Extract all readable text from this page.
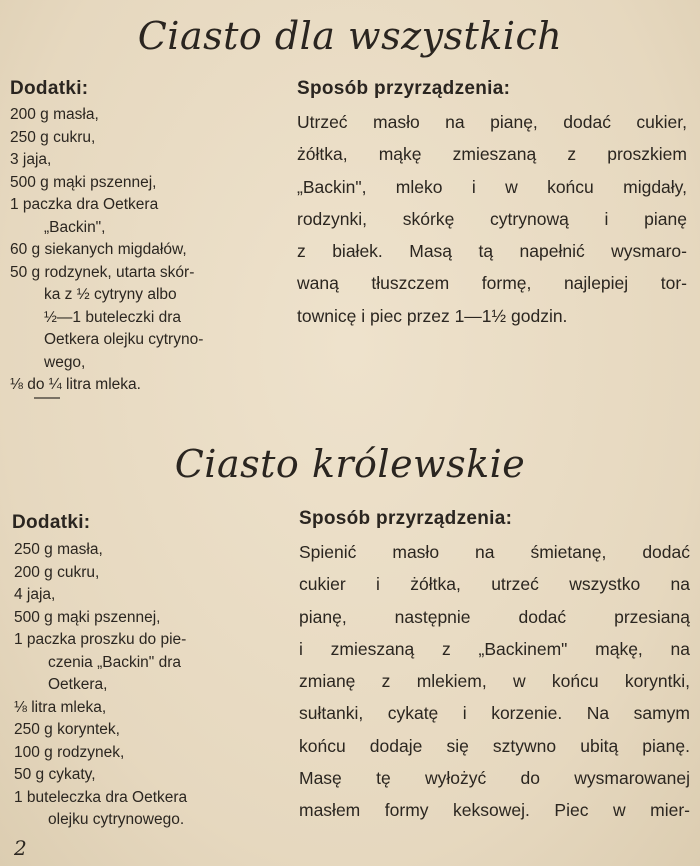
Ciasto dla wszystkich
Dodatki:
200 g masła,
250 g cukru,
3 jaja,
500 g mąki pszennej,
1 paczka dra Oetkera
„Backin",
60 g siekanych migdałów,
50 g rodzynek, utarta skór-
ka z ½ cytryny albo
½—1 buteleczki dra
Oetkera olejku cytryno-
wego,
⅛ do ¼ litra mleka.
Sposób przyrządzenia:
Utrzeć masło na pianę, dodać cukier,
żółtka, mąkę zmieszaną z proszkiem
„Backin", mleko i w końcu migdały,
rodzynki, skórkę cytrynową i pianę
z białek. Masą tą napełnić wysmaro-
waną tłuszczem formę, najlepiej tor-
townicę i piec przez 1—1½ godzin.
Ciasto królewskie
Dodatki:
250 g masła,
200 g cukru,
4 jaja,
500 g mąki pszennej,
1 paczka proszku do pie-
czenia „Backin" dra
Oetkera,
⅛ litra mleka,
250 g koryntek,
100 g rodzynek,
50 g cykaty,
1 buteleczka dra Oetkera
olejku cytrynowego.
Sposób przyrządzenia:
Spienić masło na śmietanę, dodać
cukier i żółtka, utrzeć wszystko na
pianę, następnie dodać przesianą
i zmieszaną z „Backinem" mąkę, na
zmianę z mlekiem, w końcu koryntki,
sułtanki, cykatę i korzenie. Na samym
końcu dodaje się sztywno ubitą pianę.
Masę tę wyłożyć do wysmarowanej
masłem formy keksowej. Piec w mier-
2
